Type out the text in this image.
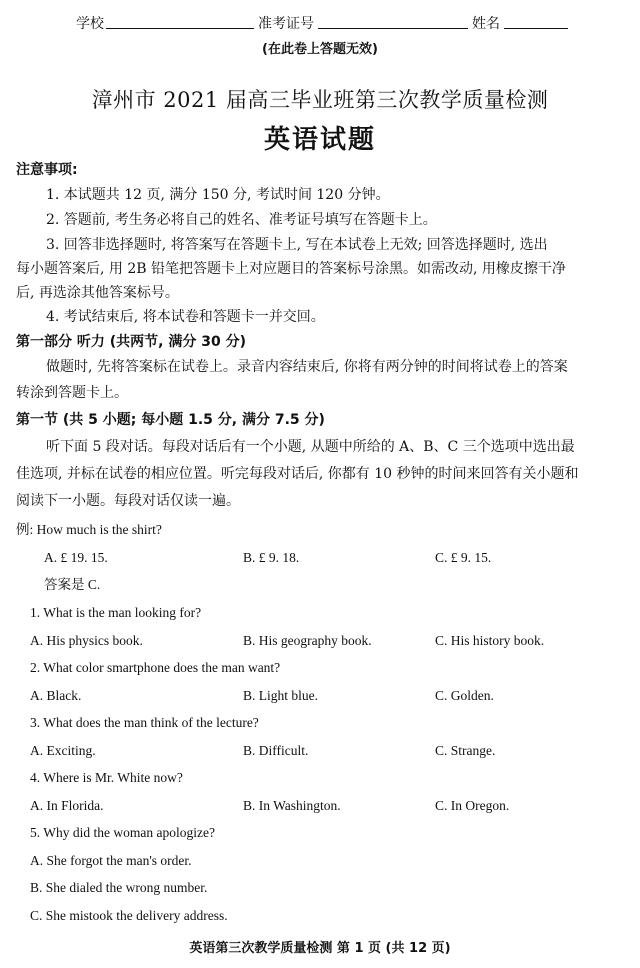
学校	准考证号	姓名
(在此卷上答题无效)
漳州市 2021 届高三毕业班第三次教学质量检测
英语试题
注意事项:
1. 本试题共 12 页, 满分 150 分, 考试时间 120 分钟。
2. 答题前, 考生务必将自己的姓名、准考证号填写在答题卡上。
3. 回答非选择题时, 将答案写在答题卡上, 写在本试卷上无效; 回答选择题时, 选出
每小题答案后, 用 2B 铅笔把答题卡上对应题目的答案标号涂黑。如需改动, 用橡皮擦干净
后, 再选涂其他答案标号。
4. 考试结束后, 将本试卷和答题卡一并交回。
第一部分 听力 (共两节, 满分 30 分)
做题时, 先将答案标在试卷上。录音内容结束后, 你将有两分钟的时间将试卷上的答案
转涂到答题卡上。
第一节 (共 5 小题; 每小题 1.5 分, 满分 7.5 分)
听下面 5 段对话。每段对话后有一个小题, 从题中所给的 A、B、C 三个选项中选出最
佳选项, 并标在试卷的相应位置。听完每段对话后, 你都有 10 秒钟的时间来回答有关小题和
阅读下一小题。每段对话仅读一遍。
例: How much is the shirt?
A. £ 19. 15.	B. £ 9. 18.	C. £ 9. 15.
答案是 C.
1. What is the man looking for?
A. His physics book.	B. His geography book.	C. His history book.
2. What color smartphone does the man want?
A. Black.	B. Light blue.	C. Golden.
3. What does the man think of the lecture?
A. Exciting.	B. Difficult.	C. Strange.
4. Where is Mr. White now?
A. In Florida.	B. In Washington.	C. In Oregon.
5. Why did the woman apologize?
A. She forgot the man's order.
B. She dialed the wrong number.
C. She mistook the delivery address.
英语第三次教学质量检测 第 1 页 (共 12 页)
